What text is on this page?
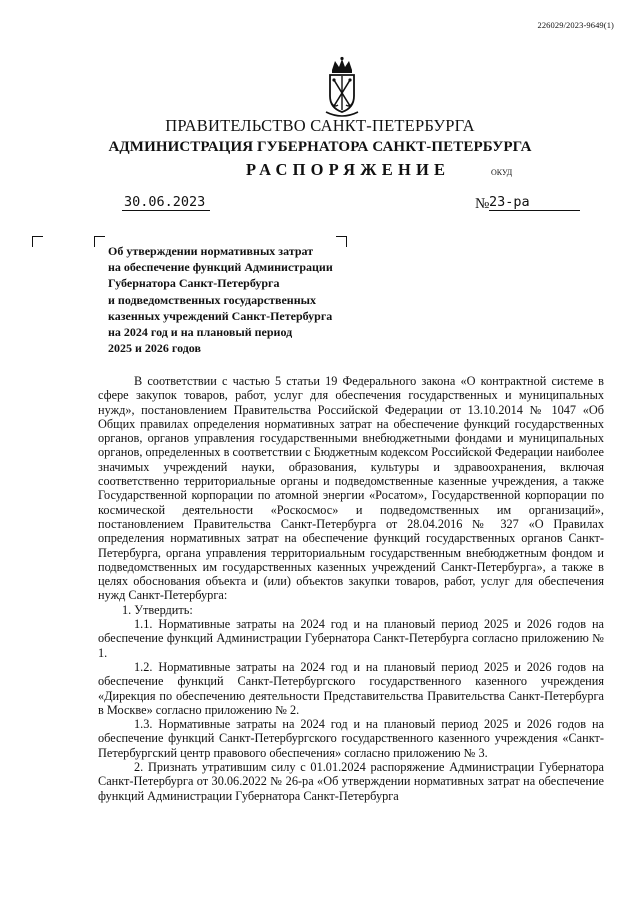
226029/2023-9649(1)
ПРАВИТЕЛЬСТВО САНКТ-ПЕТЕРБУРГА
АДМИНИСТРАЦИЯ ГУБЕРНАТОРА САНКТ-ПЕТЕРБУРГА
РАСПОРЯЖЕНИЕ	ОКУД
30.06.2023	№ 23-ра
Об утверждении нормативных затрат
на обеспечение функций Администрации
Губернатора Санкт-Петербурга
и подведомственных государственных
казенных учреждений Санкт-Петербурга
на 2024 год и на плановый период
2025 и 2026 годов

В соответствии с частью 5 статьи 19 Федерального закона «О контрактной системе в сфере закупок товаров, работ, услуг для обеспечения государственных и муниципальных нужд», постановлением Правительства Российской Федерации от 13.10.2014 № 1047 «Об Общих правилах определения нормативных затрат на обеспечение функций государственных органов, органов управления государственными внебюджетными фондами и муниципальных органов, определенных в соответствии с Бюджетным кодексом Российской Федерации наиболее значимых учреждений науки, образования, культуры и здравоохранения, включая соответственно территориальные органы и подведомственные казенные учреждения, а также Государственной корпорации по атомной энергии «Росатом», Государственной корпорации по космической деятельности «Роскосмос» и подведомственных им организаций», постановлением Правительства Санкт-Петербурга от 28.04.2016 № 327 «О Правилах определения нормативных затрат на обеспечение функций государственных органов Санкт-Петербурга, органа управления территориальным государственным внебюджетным фондом и подведомственных им государственных казенных учреждений Санкт-Петербурга», а также в целях обоснования объекта и (или) объектов закупки товаров, работ, услуг для обеспечения нужд Санкт-Петербурга:

1. Утвердить:

1.1. Нормативные затраты на 2024 год и на плановый период 2025 и 2026 годов на обеспечение функций Администрации Губернатора Санкт-Петербурга согласно приложению № 1.

1.2. Нормативные затраты на 2024 год и на плановый период 2025 и 2026 годов на обеспечение функций Санкт-Петербургского государственного казенного учреждения «Дирекция по обеспечению деятельности Представительства Правительства Санкт-Петербурга в Москве» согласно приложению № 2.

1.3. Нормативные затраты на 2024 год и на плановый период 2025 и 2026 годов на обеспечение функций Санкт-Петербургского государственного казенного учреждения «Санкт-Петербургский центр правового обеспечения» согласно приложению № 3.

2. Признать утратившим силу с 01.01.2024 распоряжение Администрации Губернатора Санкт-Петербурга от 30.06.2022 № 26-ра «Об утверждении нормативных затрат на обеспечение функций Администрации Губернатора Санкт-Петербурга
